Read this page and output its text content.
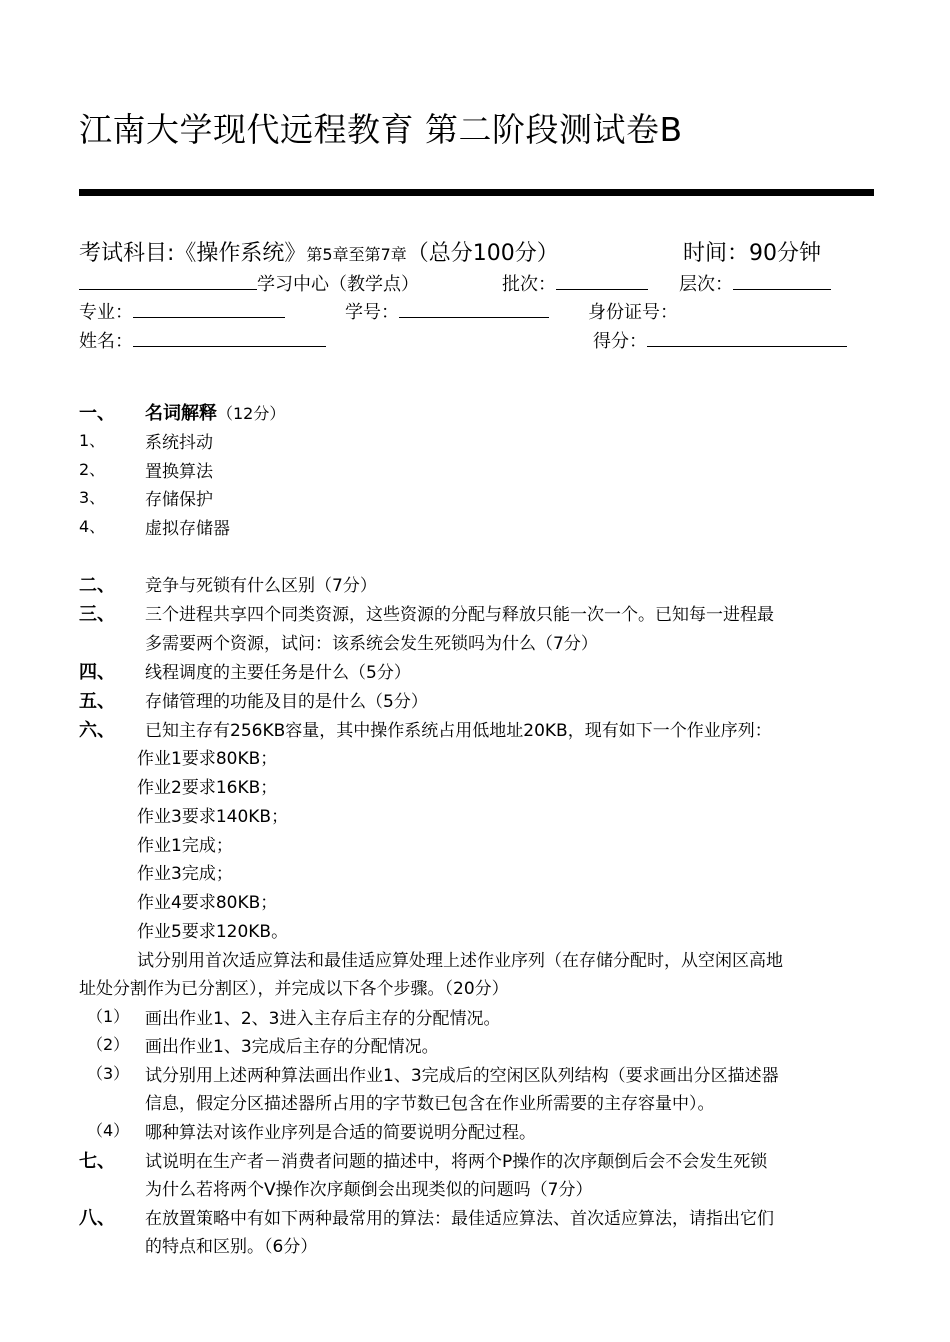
江南大学现代远程教育 第二阶段测试卷B
考试科目:《操作系统》第5章至第7章（总分100分）	时间：90分钟
学习中心（教学点）	批次：	层次：
专业：	学号：	身份证号：
姓名：	得分：
一、 名词解释（12分）
1、 系统抖动
2、 置换算法
3、 存储保护
4、 虚拟存储器
二、 竞争与死锁有什么区别（7分）
三、 三个进程共享四个同类资源，这些资源的分配与释放只能一次一个。已知每一进程最
多需要两个资源，试问：该系统会发生死锁吗为什么（7分）
四、 线程调度的主要任务是什么（5分）
五、 存储管理的功能及目的是什么（5分）
六、 已知主存有256KB容量，其中操作系统占用低地址20KB，现有如下一个作业序列：
作业1要求80KB；
作业2要求16KB；
作业3要求140KB；
作业1完成；
作业3完成；
作业4要求80KB；
作业5要求120KB。
试分别用首次适应算法和最佳适应算处理上述作业序列（在存储分配时，从空闲区高地
址处分割作为已分割区），并完成以下各个步骤。（20分）
（1） 画出作业1、2、3进入主存后主存的分配情况。
（2） 画出作业1、3完成后主存的分配情况。
（3） 试分别用上述两种算法画出作业1、3完成后的空闲区队列结构（要求画出分区描述器
信息，假定分区描述器所占用的字节数已包含在作业所需要的主存容量中）。
（4） 哪种算法对该作业序列是合适的简要说明分配过程。
七、 试说明在生产者－消费者问题的描述中，将两个P操作的次序颠倒后会不会发生死锁
为什么若将两个V操作次序颠倒会出现类似的问题吗（7分）
八、 在放置策略中有如下两种最常用的算法：最佳适应算法、首次适应算法，请指出它们
的特点和区别。（6分）
